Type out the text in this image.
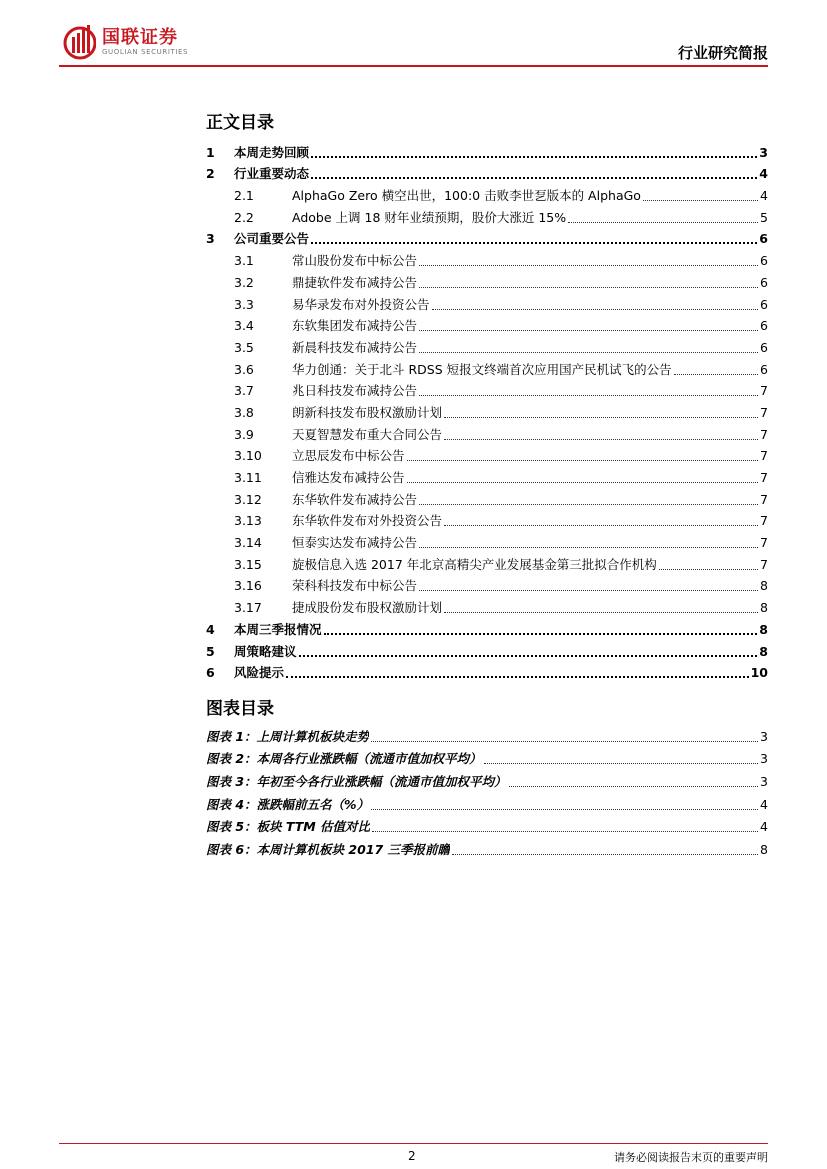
国联证券
GUOLIAN SECURITIES	行业研究简报
正文目录
1	本周走势回顾	3
2	行业重要动态	4
2.1	AlphaGo Zero 横空出世，100:0 击败李世乭版本的 AlphaGo	4
2.2	Adobe 上调 18 财年业绩预期，股价大涨近 15%	5
3	公司重要公告	6
3.1	常山股份发布中标公告	6
3.2	鼎捷软件发布减持公告	6
3.3	易华录发布对外投资公告	6
3.4	东软集团发布减持公告	6
3.5	新晨科技发布减持公告	6
3.6	华力创通：关于北斗 RDSS 短报文终端首次应用国产民机试飞的公告	6
3.7	兆日科技发布减持公告	7
3.8	朗新科技发布股权激励计划	7
3.9	天夏智慧发布重大合同公告	7
3.10	立思辰发布中标公告	7
3.11	信雅达发布减持公告	7
3.12	东华软件发布减持公告	7
3.13	东华软件发布对外投资公告	7
3.14	恒泰实达发布减持公告	7
3.15	旋极信息入选 2017 年北京高精尖产业发展基金第三批拟合作机构	7
3.16	荣科科技发布中标公告	8
3.17	捷成股份发布股权激励计划	8
4	本周三季报情况	8
5	周策略建议	8
6	风险提示	10
图表目录
图表 1：上周计算机板块走势	3
图表 2：本周各行业涨跌幅（流通市值加权平均）	3
图表 3：年初至今各行业涨跌幅（流通市值加权平均）	3
图表 4：涨跌幅前五名（%）	4
图表 5：板块 TTM 估值对比	4
图表 6：本周计算机板块 2017 三季报前瞻	8
2	请务必阅读报告末页的重要声明
